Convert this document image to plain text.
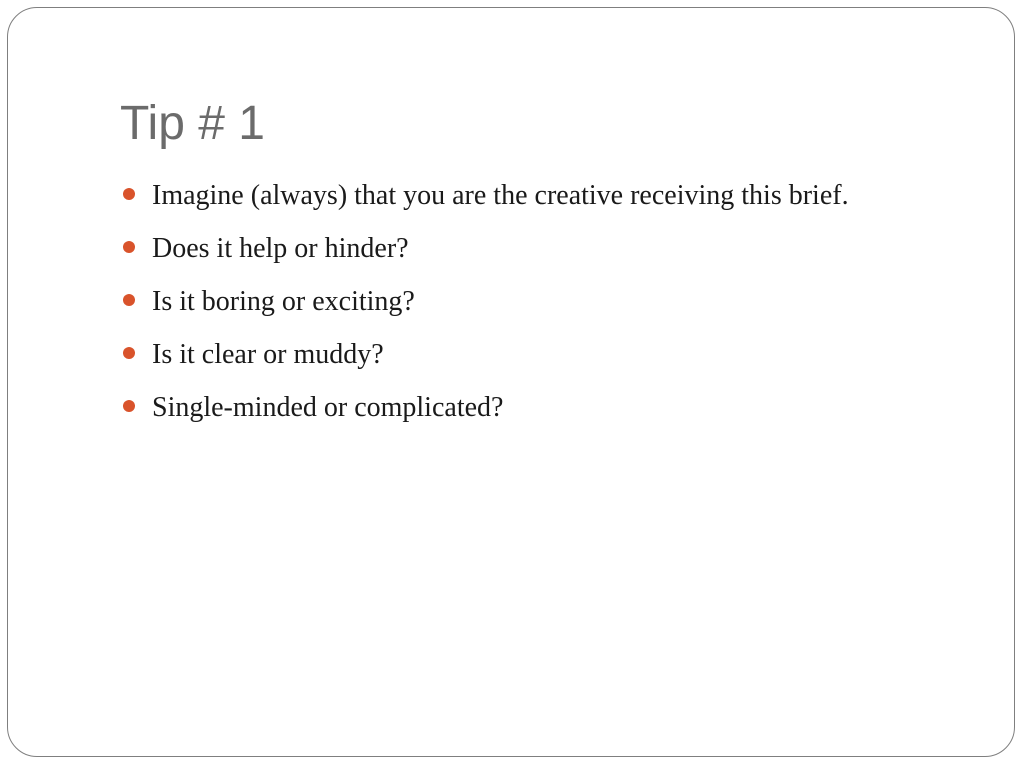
Tip # 1
Imagine (always) that you are the creative receiving this brief.
Does it help or hinder?
Is it boring or exciting?
Is it clear or muddy?
Single-minded or complicated?
